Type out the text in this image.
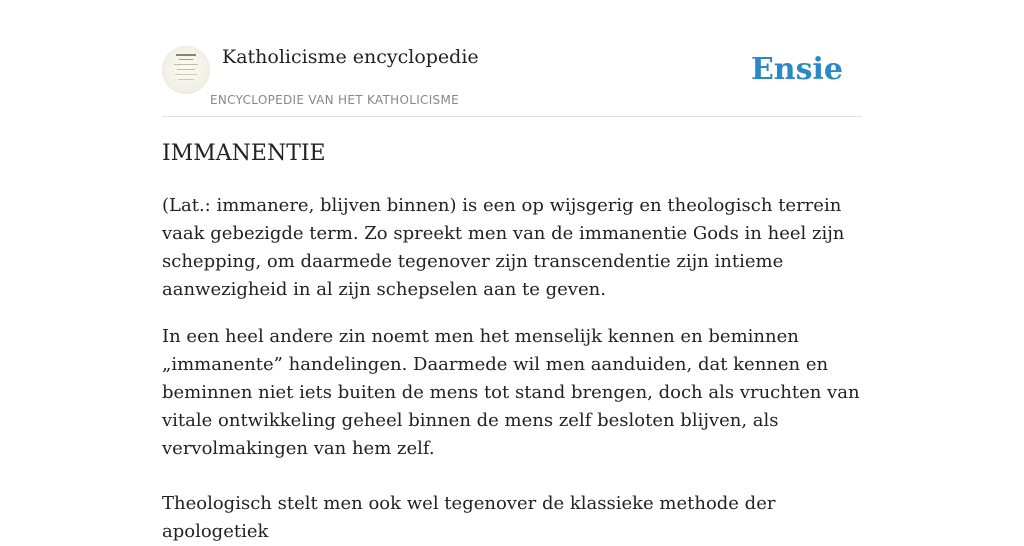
Katholicisme encyclopedie
ENCYCLOPEDIE VAN HET KATHOLICISME
Ensie
IMMANENTIE

(Lat.: immanere, blijven binnen) is een op wijsgerig en theologisch terrein vaak gebezigde term. Zo spreekt men van de immanentie Gods in heel zijn schepping, om daarmede tegenover zijn transcendentie zijn intieme aanwezigheid in al zijn schepselen aan te geven.

In een heel andere zin noemt men het menselijk kennen en beminnen „immanente” handelingen. Daarmede wil men aanduiden, dat kennen en beminnen niet iets buiten de mens tot stand brengen, doch als vruchten van vitale ontwikkeling geheel binnen de mens zelf besloten blijven, als vervolmakingen van hem zelf.

Theologisch stelt men ook wel tegenover de klassieke methode der apologetiek
